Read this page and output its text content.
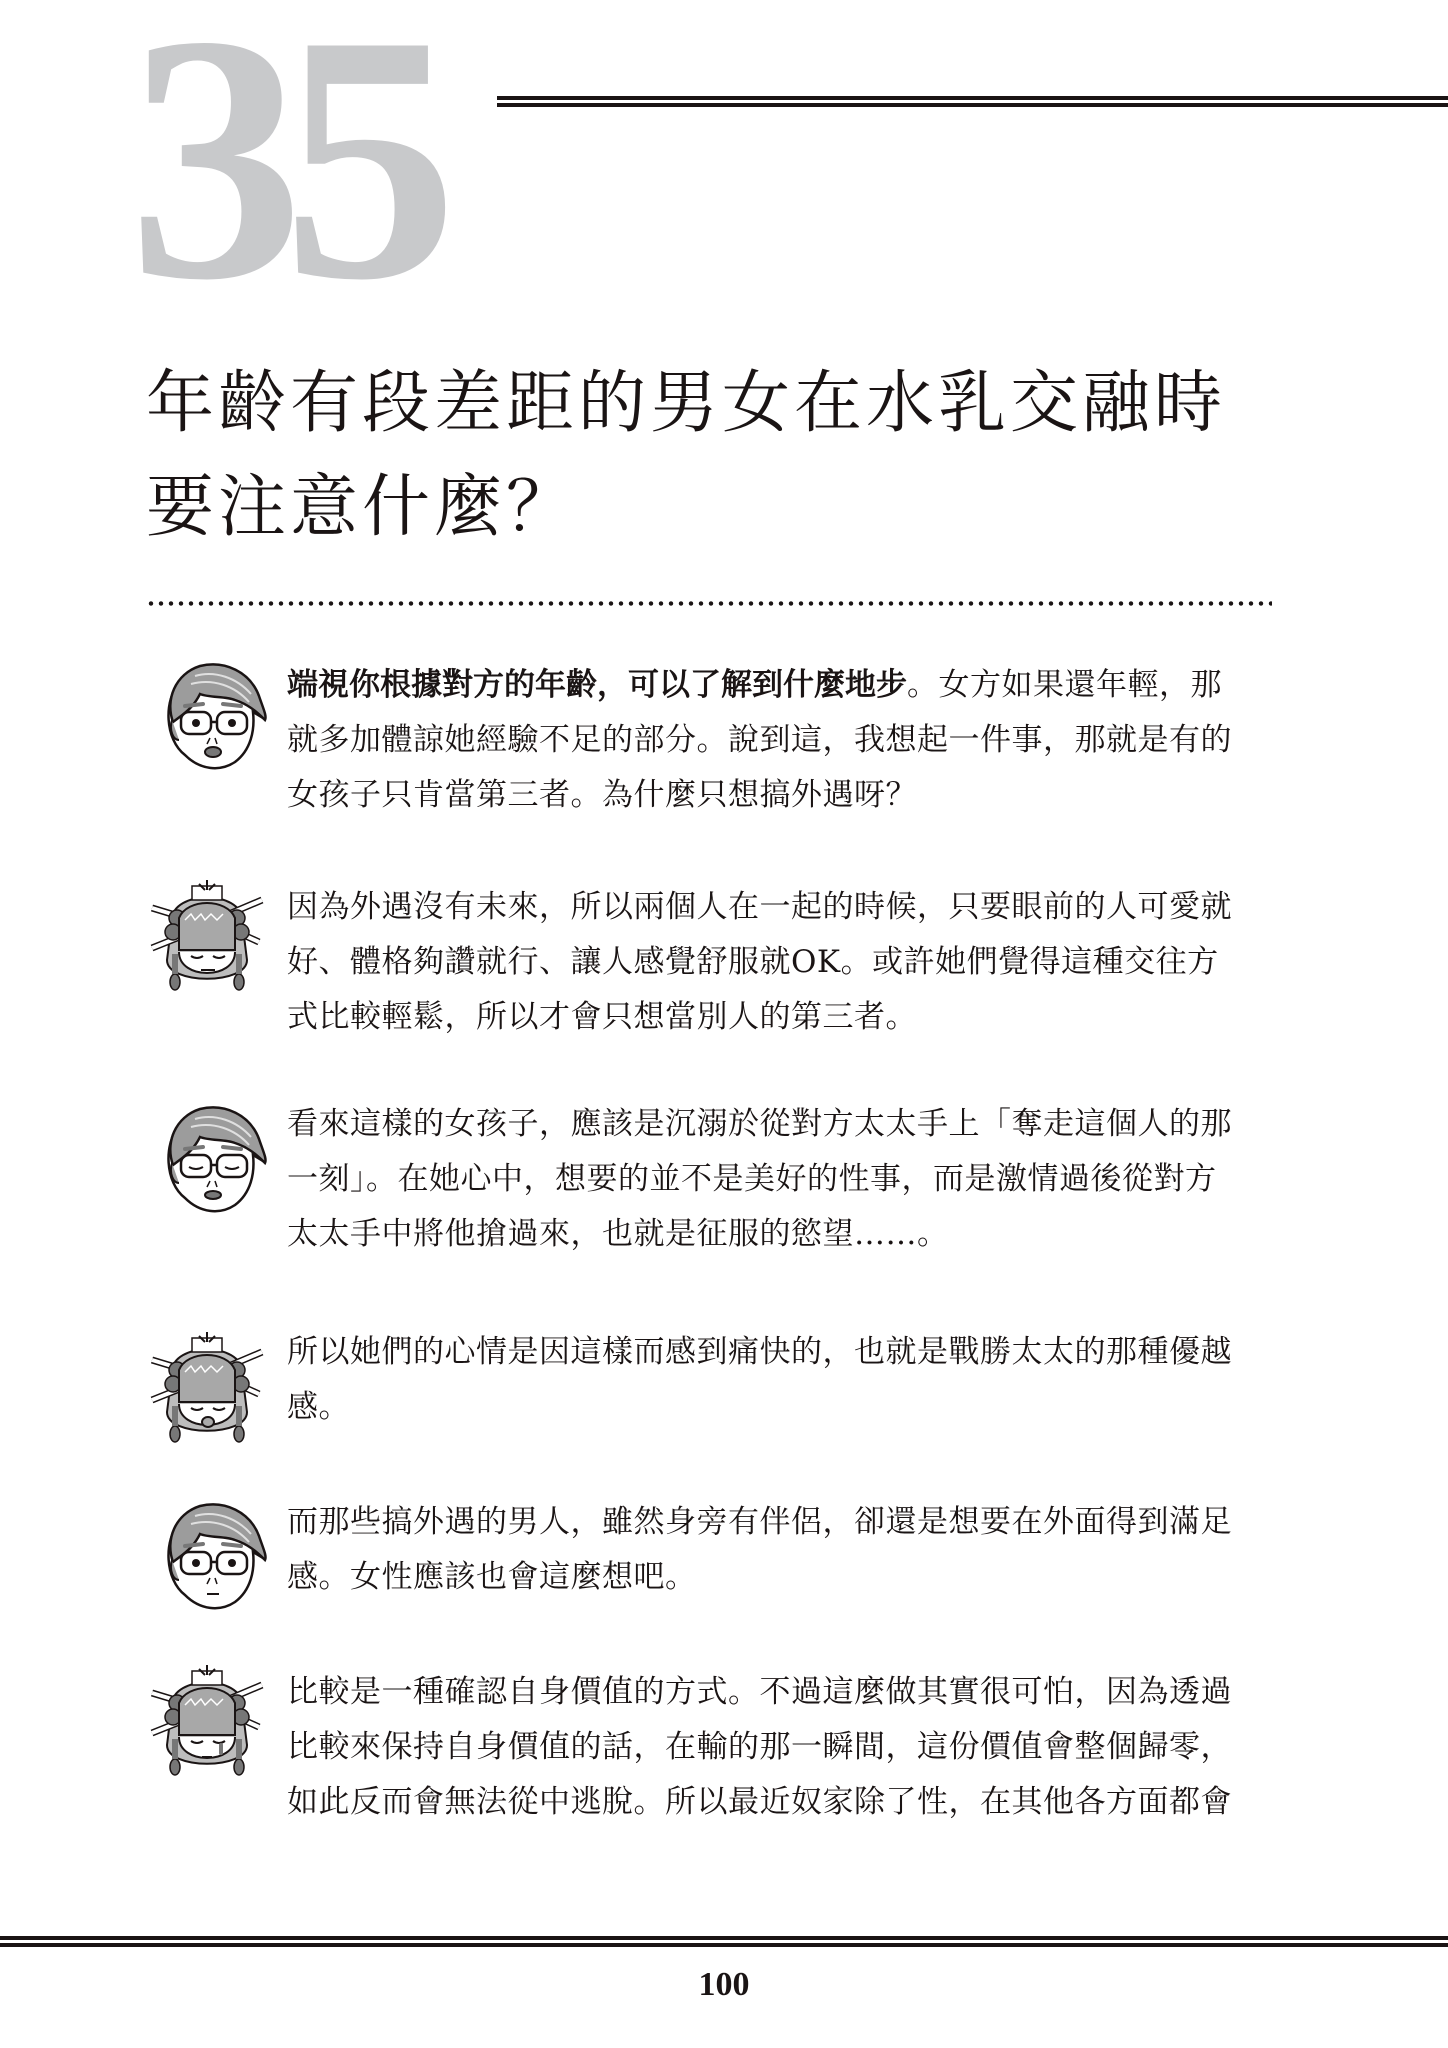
35
年齡有段差距的男女在水乳交融時
要注意什麼？
端視你根據對方的年齡，可以了解到什麼地步。女方如果還年輕，那
就多加體諒她經驗不足的部分。說到這，我想起一件事，那就是有的
女孩子只肯當第三者。為什麼只想搞外遇呀？
因為外遇沒有未來，所以兩個人在一起的時候，只要眼前的人可愛就
好、體格夠讚就行、讓人感覺舒服就OK。或許她們覺得這種交往方
式比較輕鬆，所以才會只想當別人的第三者。
看來這樣的女孩子，應該是沉溺於從對方太太手上「奪走這個人的那
一刻」。在她心中，想要的並不是美好的性事，而是激情過後從對方
太太手中將他搶過來，也就是征服的慾望……。
所以她們的心情是因這樣而感到痛快的，也就是戰勝太太的那種優越
感。
而那些搞外遇的男人，雖然身旁有伴侶，卻還是想要在外面得到滿足
感。女性應該也會這麼想吧。
比較是一種確認自身價值的方式。不過這麼做其實很可怕，因為透過
比較來保持自身價值的話，在輸的那一瞬間，這份價值會整個歸零，
如此反而會無法從中逃脫。所以最近奴家除了性，在其他各方面都會
100
